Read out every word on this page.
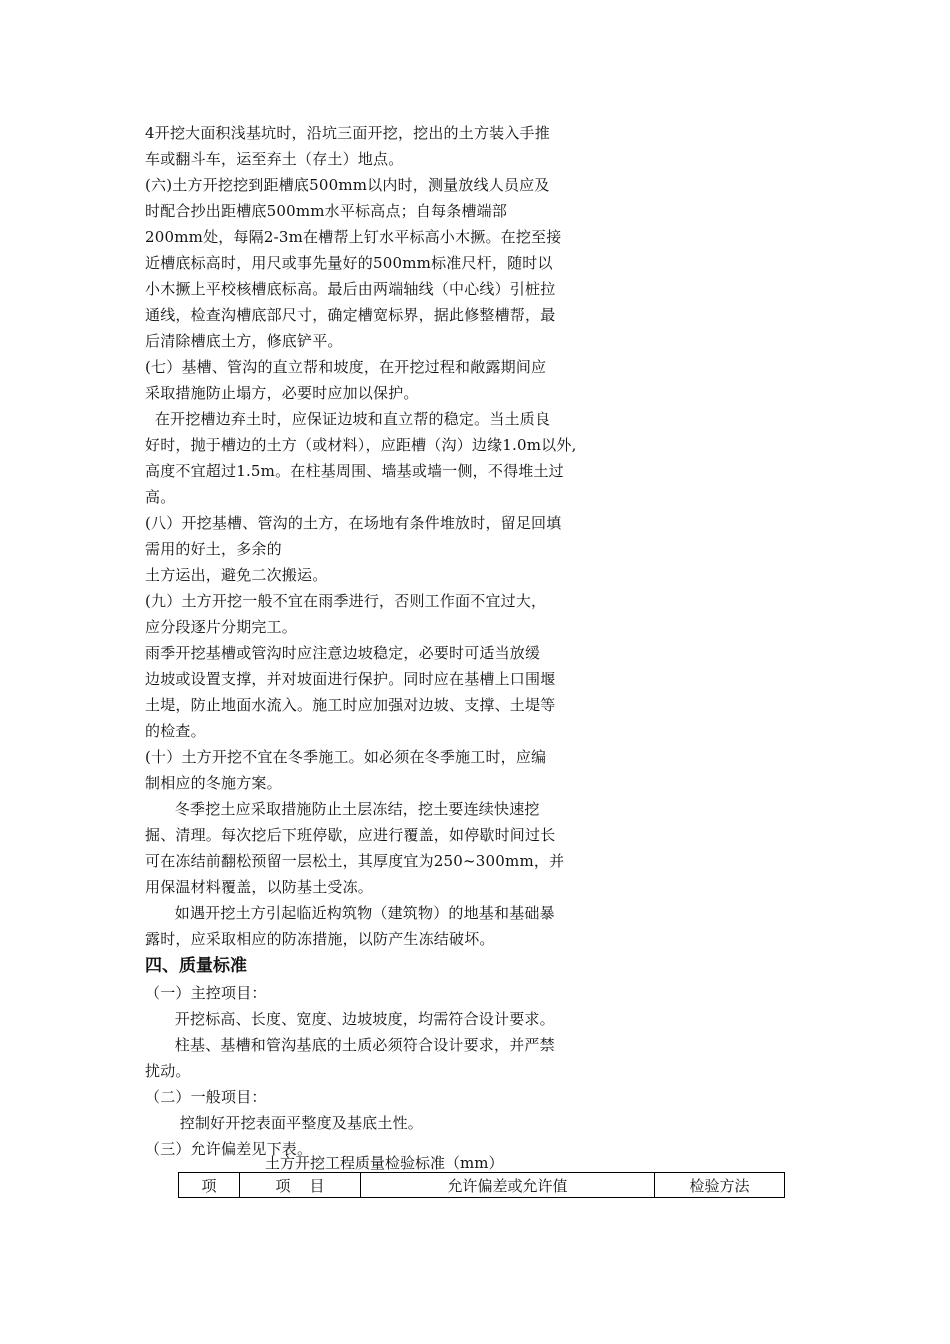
4开挖大面积浅基坑时，沿坑三面开挖，挖出的土方装入手推
车或翻斗车，运至弃土（存土）地点。
(六)土方开挖挖到距槽底500mm以内时，测量放线人员应及
时配合抄出距槽底500mm水平标高点；自每条槽端部
200mm处，每隔2-3m在槽帮上钉水平标高小木撅。在挖至接
近槽底标高时，用尺或事先量好的500mm标准尺杆，随时以
小木撅上平校核槽底标高。最后由两端轴线（中心线）引桩拉
通线，检查沟槽底部尺寸，确定槽宽标界，据此修整槽帮，最
后清除槽底土方，修底铲平。
(七）基槽、管沟的直立帮和坡度，在开挖过程和敞露期间应
采取措施防止塌方，必要时应加以保护。
在开挖槽边弃土时，应保证边坡和直立帮的稳定。当土质良
好时，抛于槽边的土方（或材料），应距槽（沟）边缘1.0m以外,
高度不宜超过1.5m。在柱基周围、墙基或墙一侧，不得堆土过
高。
(八）开挖基槽、管沟的土方，在场地有条件堆放时，留足回填
需用的好土，多余的
土方运出，避免二次搬运。
(九）土方开挖一般不宜在雨季进行，否则工作面不宜过大，
应分段逐片分期完工。
雨季开挖基槽或管沟时应注意边坡稳定，必要时可适当放缓
边坡或设置支撑，并对坡面进行保护。同时应在基槽上口围堰
土堤，防止地面水流入。施工时应加强对边坡、支撑、土堤等
的检查。
(十）土方开挖不宜在冬季施工。如必须在冬季施工时，应编
制相应的冬施方案。
冬季挖土应采取措施防止土层冻结，挖土要连续快速挖
掘、清理。每次挖后下班停歇，应进行覆盖，如停歇时间过长
可在冻结前翻松预留一层松土，其厚度宜为250~300mm，并
用保温材料覆盖，以防基土受冻。
如遇开挖土方引起临近构筑物（建筑物）的地基和基础暴
露时，应采取相应的防冻措施，以防产生冻结破坏。
四、质量标准
（一）主控项目：
开挖标高、长度、宽度、边坡坡度，均需符合设计要求。
柱基、基槽和管沟基底的土质必须符合设计要求，并严禁
扰动。
（二）一般项目：
控制好开挖表面平整度及基底土性。
（三）允许偏差见下表。
土方开挖工程质量检验标准（mm）
项	项    目	允许偏差或允许值	检验方法
